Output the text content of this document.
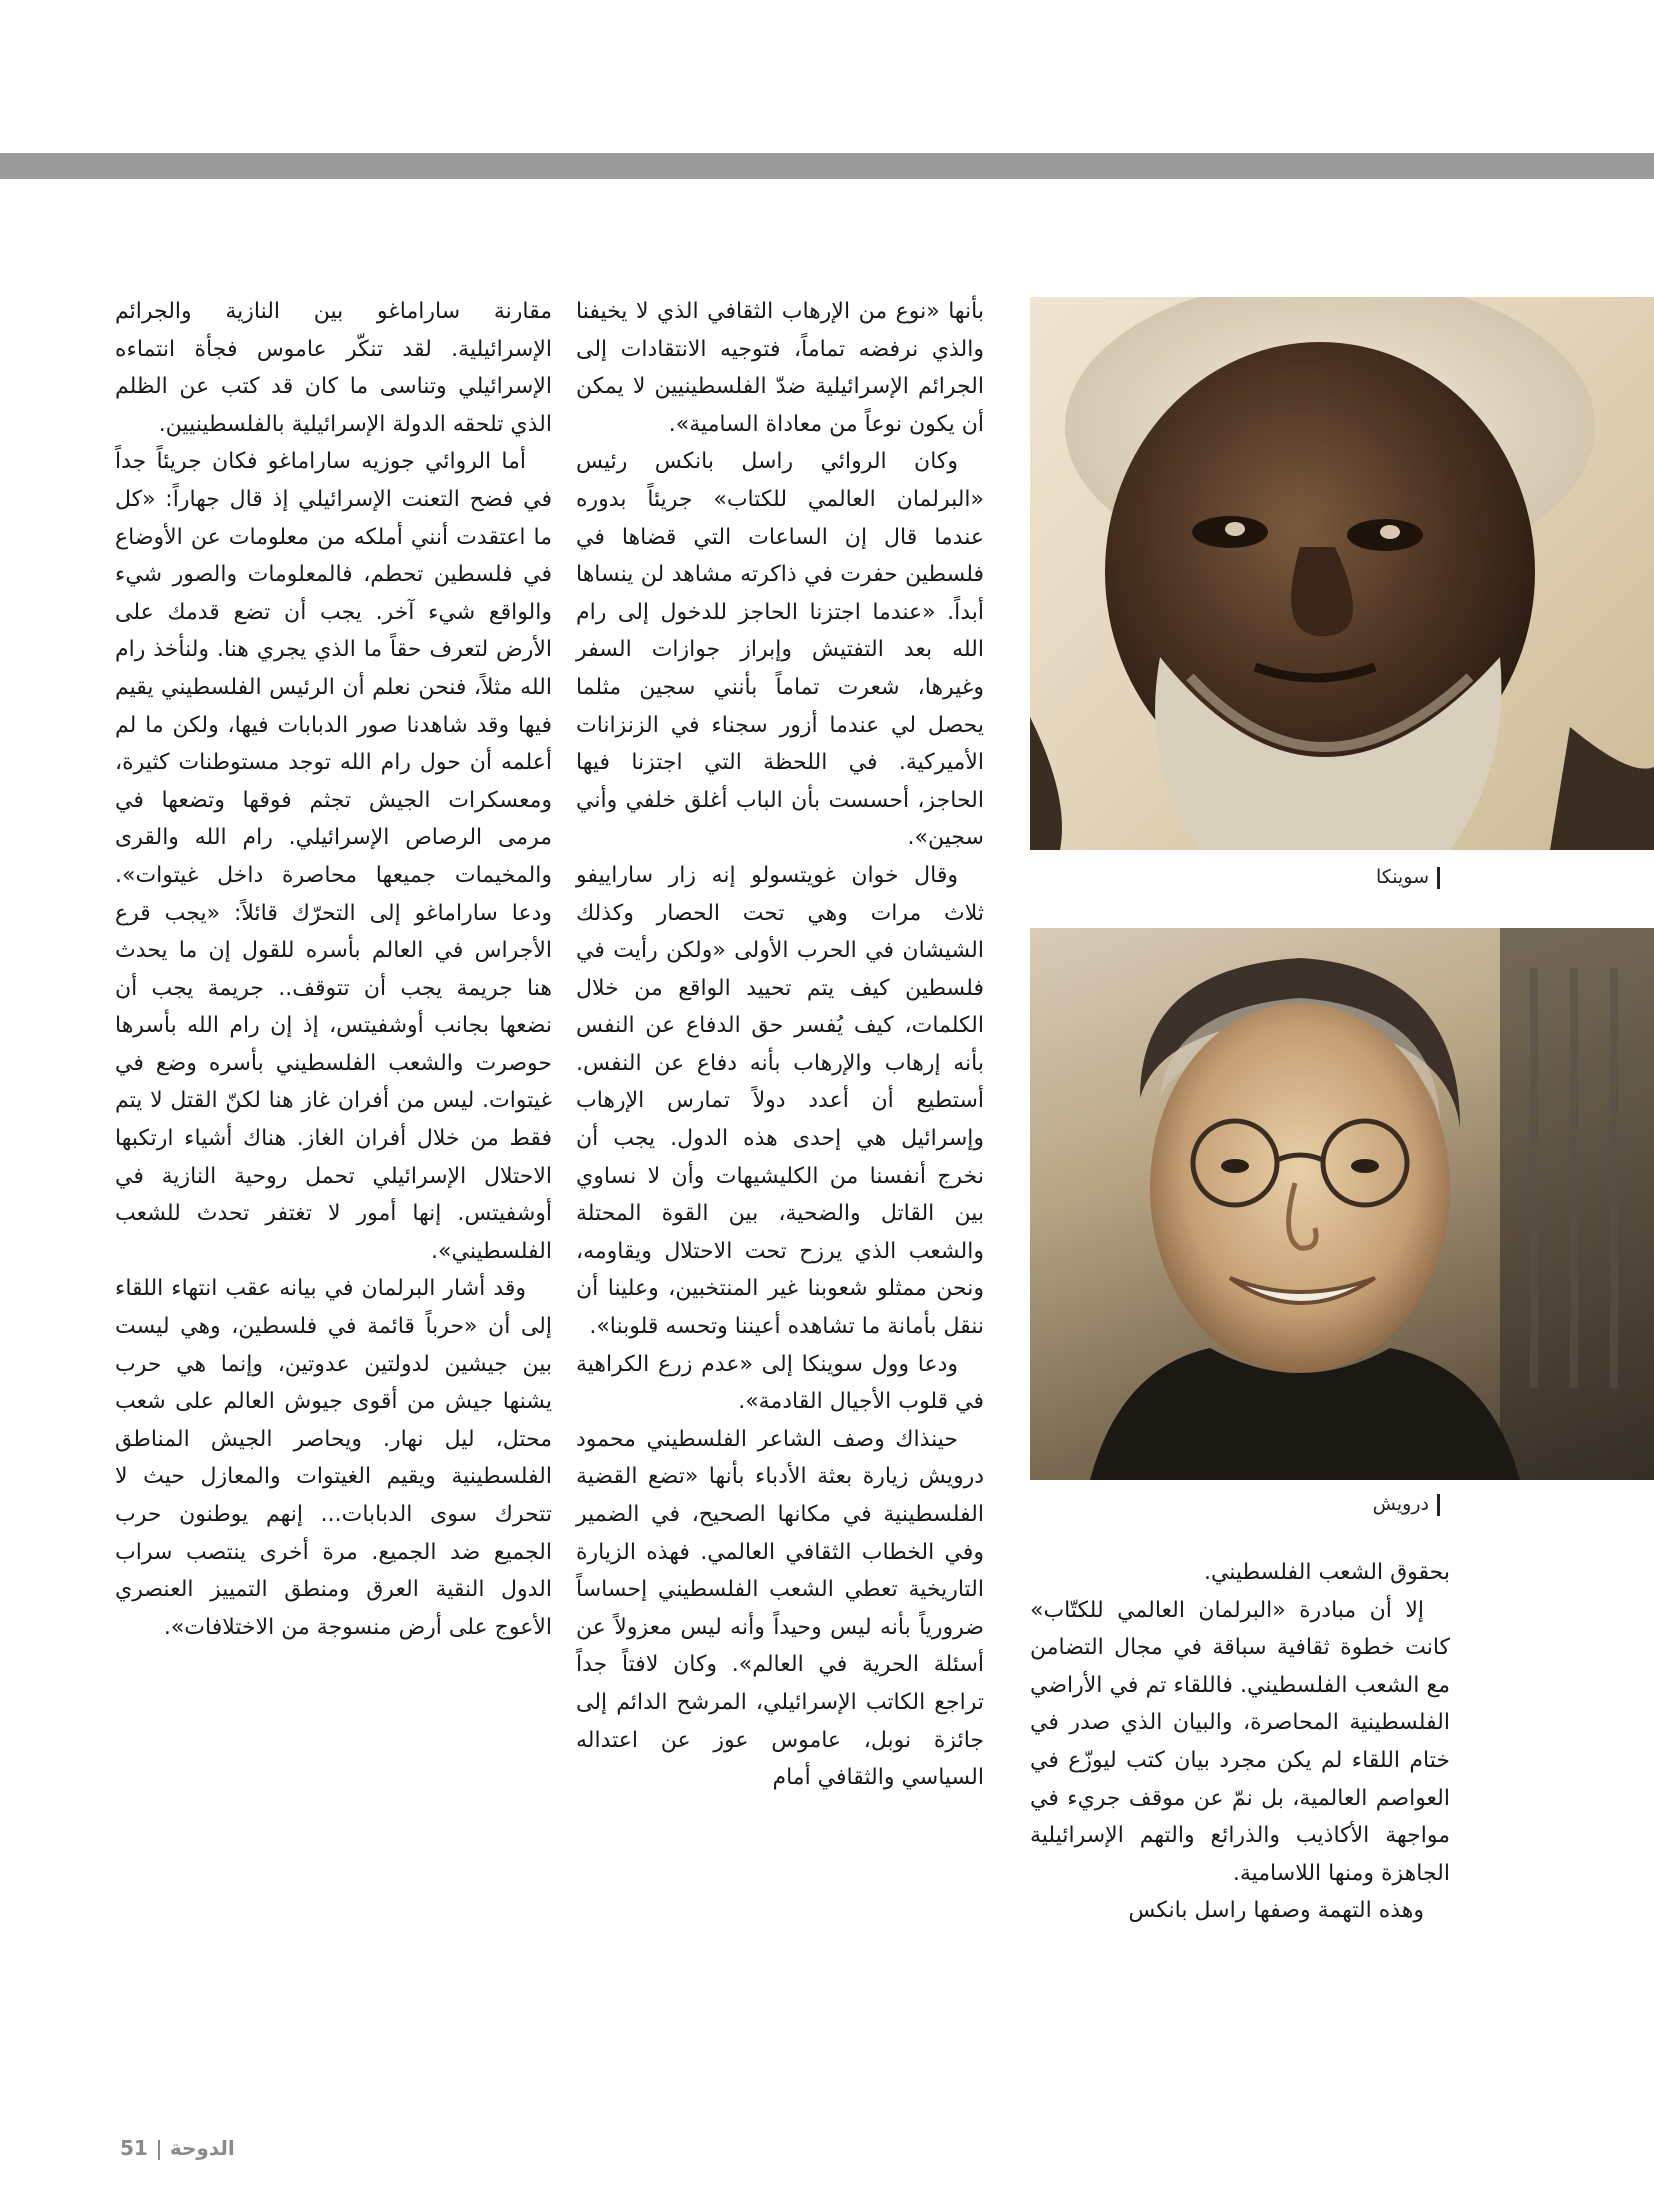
مقارنة ساراماغو بين النازية والجرائم الإسرائيلية. لقد تنكّر عاموس فجأة انتماءه الإسرائيلي وتناسى ما كان قد كتب عن الظلم الذي تلحقه الدولة الإسرائيلية بالفلسطينيين.

أما الروائي جوزيه ساراماغو فكان جريئاً جداً في فضح التعنت الإسرائيلي إذ قال جهاراً: «كل ما اعتقدت أنني أملكه من معلومات عن الأوضاع في فلسطين تحطم، فالمعلومات والصور شيء والواقع شيء آخر. يجب أن تضع قدمك على الأرض لتعرف حقاً ما الذي يجري هنا. ولنأخذ رام الله مثلاً، فنحن نعلم أن الرئيس الفلسطيني يقيم فيها وقد شاهدنا صور الدبابات فيها، ولكن ما لم أعلمه أن حول رام الله توجد مستوطنات كثيرة، ومعسكرات الجيش تجثم فوقها وتضعها في مرمى الرصاص الإسرائيلي. رام الله والقرى والمخيمات جميعها محاصرة داخل غيتوات». ودعا ساراماغو إلى التحرّك قائلاً: «يجب قرع الأجراس في العالم بأسره للقول إن ما يحدث هنا جريمة يجب أن تتوقف.. جريمة يجب أن نضعها بجانب أوشفيتس، إذ إن رام الله بأسرها حوصرت والشعب الفلسطيني بأسره وضع في غيتوات. ليس من أفران غاز هنا لكنّ القتل لا يتم فقط من خلال أفران الغاز. هناك أشياء ارتكبها الاحتلال الإسرائيلي تحمل روحية النازية في أوشفيتس. إنها أمور لا تغتفر تحدث للشعب الفلسطيني».

وقد أشار البرلمان في بيانه عقب انتهاء اللقاء إلى أن «حرباً قائمة في فلسطين، وهي ليست بين جيشين لدولتين عدوتين، وإنما هي حرب يشنها جيش من أقوى جيوش العالم على شعب محتل، ليل نهار. ويحاصر الجيش المناطق الفلسطينية ويقيم الغيتوات والمعازل حيث لا تتحرك سوى الدبابات... إنهم يوطنون حرب الجميع ضد الجميع. مرة أخرى ينتصب سراب الدول النقية العرق ومنطق التمييز العنصري الأعوج على أرض منسوجة من الاختلافات».

بأنها «نوع من الإرهاب الثقافي الذي لا يخيفنا والذي نرفضه تماماً، فتوجيه الانتقادات إلى الجرائم الإسرائيلية ضدّ الفلسطينيين لا يمكن أن يكون نوعاً من معاداة السامية».

وكان الروائي راسل بانكس رئيس «البرلمان العالمي للكتاب» جريئاً بدوره عندما قال إن الساعات التي قضاها في فلسطين حفرت في ذاكرته مشاهد لن ينساها أبداً. «عندما اجتزنا الحاجز للدخول إلى رام الله بعد التفتيش وإبراز جوازات السفر وغيرها، شعرت تماماً بأنني سجين مثلما يحصل لي عندما أزور سجناء في الزنزانات الأميركية. في اللحظة التي اجتزنا فيها الحاجز، أحسست بأن الباب أغلق خلفي وأني سجين».

وقال خوان غويتسولو إنه زار ساراييفو ثلاث مرات وهي تحت الحصار وكذلك الشيشان في الحرب الأولى «ولكن رأيت في فلسطين كيف يتم تحييد الواقع من خلال الكلمات، كيف يُفسر حق الدفاع عن النفس بأنه إرهاب والإرهاب بأنه دفاع عن النفس. أستطيع أن أعدد دولاً تمارس الإرهاب وإسرائيل هي إحدى هذه الدول. يجب أن نخرج أنفسنا من الكليشيهات وأن لا نساوي بين القاتل والضحية، بين القوة المحتلة والشعب الذي يرزح تحت الاحتلال ويقاومه، ونحن ممثلو شعوبنا غير المنتخبين، وعلينا أن ننقل بأمانة ما تشاهده أعيننا وتحسه قلوبنا».

ودعا وول سوينكا إلى «عدم زرع الكراهية في قلوب الأجيال القادمة».

حينذاك وصف الشاعر الفلسطيني محمود درويش زيارة بعثة الأدباء بأنها «تضع القضية الفلسطينية في مكانها الصحيح، في الضمير وفي الخطاب الثقافي العالمي. فهذه الزيارة التاريخية تعطي الشعب الفلسطيني إحساساً ضرورياً بأنه ليس وحيداً وأنه ليس معزولاً عن أسئلة الحرية في العالم». وكان لافتاً جداً تراجع الكاتب الإسرائيلي، المرشح الدائم إلى جائزة نوبل، عاموس عوز عن اعتداله السياسي والثقافي أمام

سوينكا
درويش

بحقوق الشعب الفلسطيني.

إلا أن مبادرة «البرلمان العالمي للكتّاب» كانت خطوة ثقافية سباقة في مجال التضامن مع الشعب الفلسطيني. فاللقاء تم في الأراضي الفلسطينية المحاصرة، والبيان الذي صدر في ختام اللقاء لم يكن مجرد بيان كتب ليوزّع في العواصم العالمية، بل نمّ عن موقف جريء في مواجهة الأكاذيب والذرائع والتهم الإسرائيلية الجاهزة ومنها اللاسامية.

وهذه التهمة وصفها راسل بانكس

51 الدوحة
